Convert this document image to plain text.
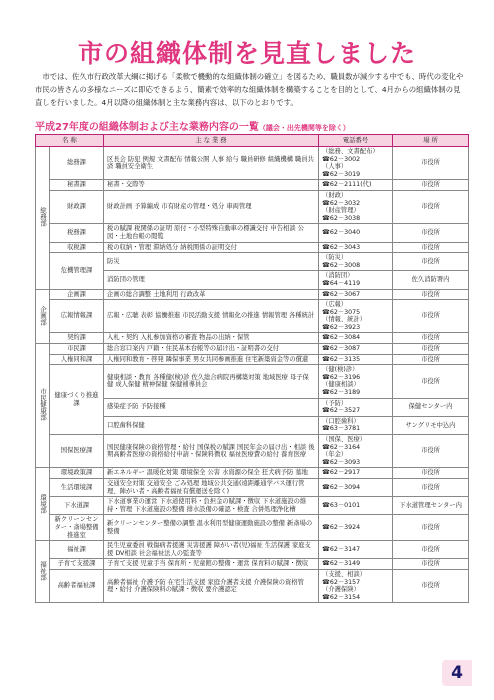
市の組織体制を見直しました

市では、佐久市行政改革大綱に掲げる「柔軟で機動的な組織体制の確立」を図るため、職員数が減少する中でも、時代の変化や市民の皆さんの多様なニーズに即応できるよう、簡素で効率的な組織体制を構築することを目的として、4月からの組織体制の見直しを行いました。4月以降の組織体制と主な業務内容は、以下のとおりです。

平成27年度の組織体制および主な業務内容の一覧（議会・出先機関等を除く）
名 称		主 な 業 務	電話番号	場 所
総務部	総務課	区長会 防犯 例規 文書配布 情報公開 人事 給与 職員研修 組織機構 職員共済 職員安全衛生	（総務、文書配布）
☎62－3002
（人事）
☎62－3019	市役所
	秘書課	秘書・交際等	☎62－2111(代)	市役所
	財政課	財政計画 予算編成 市有財産の管理・処分 車両管理	（財政）
☎62－3032
（財産管理）
☎62－3038	市役所
	税務課	税の賦課 税関係の証明 原付・小型特殊自動車の標識交付 申告相談 公図・土地台帳の閲覧	☎62－3040	市役所
	収税課	税の収納・管理 滞納処分 納税関係の証明交付	☎62－3043	市役所
	危機管理課	防災	（防災）
☎62－3008	市役所
		消防団の管理	（消防団）
☎64－4119	佐久消防署内
企画部	企画課	企画の総合調整 土地利用 行政改革	☎62－3067	市役所
	広報情報課	広報・広聴 表彰 協働推進 市民活動支援 情報化の推進 情報管理 各種統計	（広報）
☎62－3075
（情報、統計）
☎62－3923	市役所
	契約課	入札・契約 入札参加資格の審査 物品の出納・保管	☎62－3084	市役所
市民健康部	市民課	総合窓口案内 戸籍・住民基本台帳等の届け出・証明書の交付	☎62－3087	市役所
	人権同和課	人権同和教育・啓発 隣保事業 男女共同参画推進 住宅新築資金等の償還	☎62－3135	市役所
	健康づくり推進課	健康相談・教育 各種健(検)診 佐久総合病院再構築対策 地域医療 母子保健 成人保健 精神保健 保健補導員会	（健(検)診）
☎62－3196
（健康相談）
☎62－3189	市役所
		感染症予防 予防接種	（予防）
☎62－3527	保健センター内
		口腔歯科保健	（口腔歯科）
☎63－3781	サングリモ中込内
	国保医療課	国民健康保険の資格管理・給付 国保税の賦課 国民年金の届け出・相談 後期高齢者医療の資格給付申請・保険料徴収 福祉医療費の給付 養育医療	（国保、医療）
☎62－3164
（年金）
☎62－3093	市役所
環境部	環境政策課	新エネルギー 温暖化対策 環境保全 公害 水資源の保全 狂犬病予防 墓地	☎62－2917	市役所
	生活環境課	交通安全対策 交通安全 ごみ処理 地域公共交通(遠距離通学バス運行管理、陣がい者・高齢者福祉有償運送を除く)	☎62－3094	市役所
	下水道課	下水道事業の運営 下水道使用料・負担金の賦課・徴収 下水道施設の維持・管理 下水道施設の整備 排水設備の確認・検査 合併処理浄化槽	☎63－0101	下水道管理センター内
	新クリーンセンター・斎場整備推進室	新クリーンセンター整備の調整 温水利用型健康運動施設の整備 新斎場の整備	☎62－3924	市役所
福祉部	福祉課	民生児童委員 戦傷病者援護 災害援護 障がい者(児)福祉 生活保護 家庭支援 DV相談 社会福祉法人の監査等	☎62－3147	市役所
	子育て支援課	子育て支援 児童手当 保育所・児童館の整備・運営 保育料の賦課・徴収	☎62－3149	市役所
	高齢者福祉課	高齢者福祉 介護予防 在宅生活支援 家庭介護者支援 介護保険の資格管理・給付 介護保険料の賦課・徴収 要介護認定	（支援、相談）
☎62－3157
（介護保険）
☎62－3154	市役所
4
